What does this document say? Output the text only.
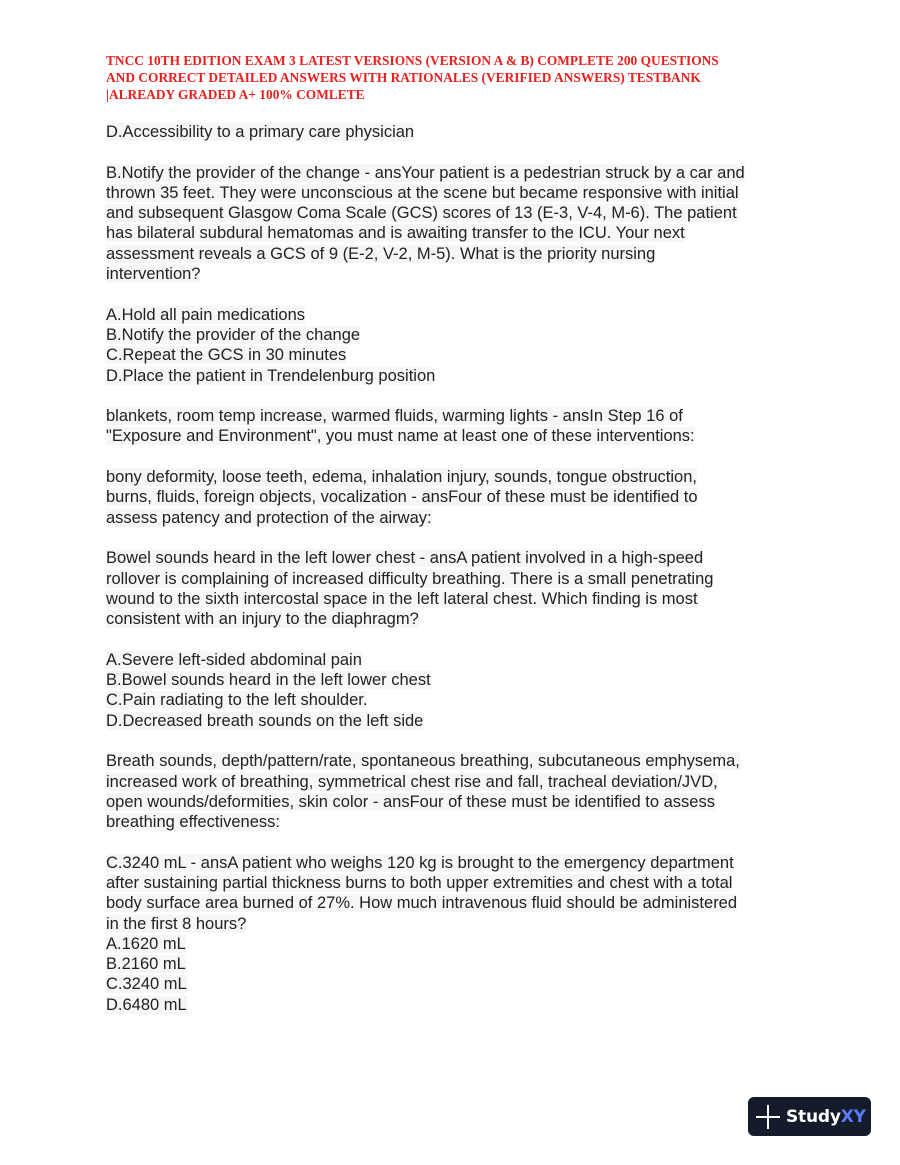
TNCC 10TH EDITION EXAM 3 LATEST VERSIONS (VERSION A & B) COMPLETE 200 QUESTIONS
AND CORRECT DETAILED ANSWERS WITH RATIONALES (VERIFIED ANSWERS) TESTBANK
|ALREADY GRADED A+ 100% COMLETE
D.Accessibility to a primary care physician
B.Notify the provider of the change - ansYour patient is a pedestrian struck by a car and
thrown 35 feet. They were unconscious at the scene but became responsive with initial
and subsequent Glasgow Coma Scale (GCS) scores of 13 (E-3, V-4, M-6). The patient
has bilateral subdural hematomas and is awaiting transfer to the ICU. Your next
assessment reveals a GCS of 9 (E-2, V-2, M-5). What is the priority nursing
intervention?
A.Hold all pain medications
B.Notify the provider of the change
C.Repeat the GCS in 30 minutes
D.Place the patient in Trendelenburg position
blankets, room temp increase, warmed fluids, warming lights - ansIn Step 16 of
"Exposure and Environment", you must name at least one of these interventions:
bony deformity, loose teeth, edema, inhalation injury, sounds, tongue obstruction,
burns, fluids, foreign objects, vocalization - ansFour of these must be identified to
assess patency and protection of the airway:
Bowel sounds heard in the left lower chest - ansA patient involved in a high-speed
rollover is complaining of increased difficulty breathing. There is a small penetrating
wound to the sixth intercostal space in the left lateral chest. Which finding is most
consistent with an injury to the diaphragm?
A.Severe left-sided abdominal pain
B.Bowel sounds heard in the left lower chest
C.Pain radiating to the left shoulder.
D.Decreased breath sounds on the left side
Breath sounds, depth/pattern/rate, spontaneous breathing, subcutaneous emphysema,
increased work of breathing, symmetrical chest rise and fall, tracheal deviation/JVD,
open wounds/deformities, skin color - ansFour of these must be identified to assess
breathing effectiveness:
C.3240 mL - ansA patient who weighs 120 kg is brought to the emergency department
after sustaining partial thickness burns to both upper extremities and chest with a total
body surface area burned of 27%. How much intravenous fluid should be administered
in the first 8 hours?
A.1620 mL
B.2160 mL
C.3240 mL
D.6480 mL
StudyXY
